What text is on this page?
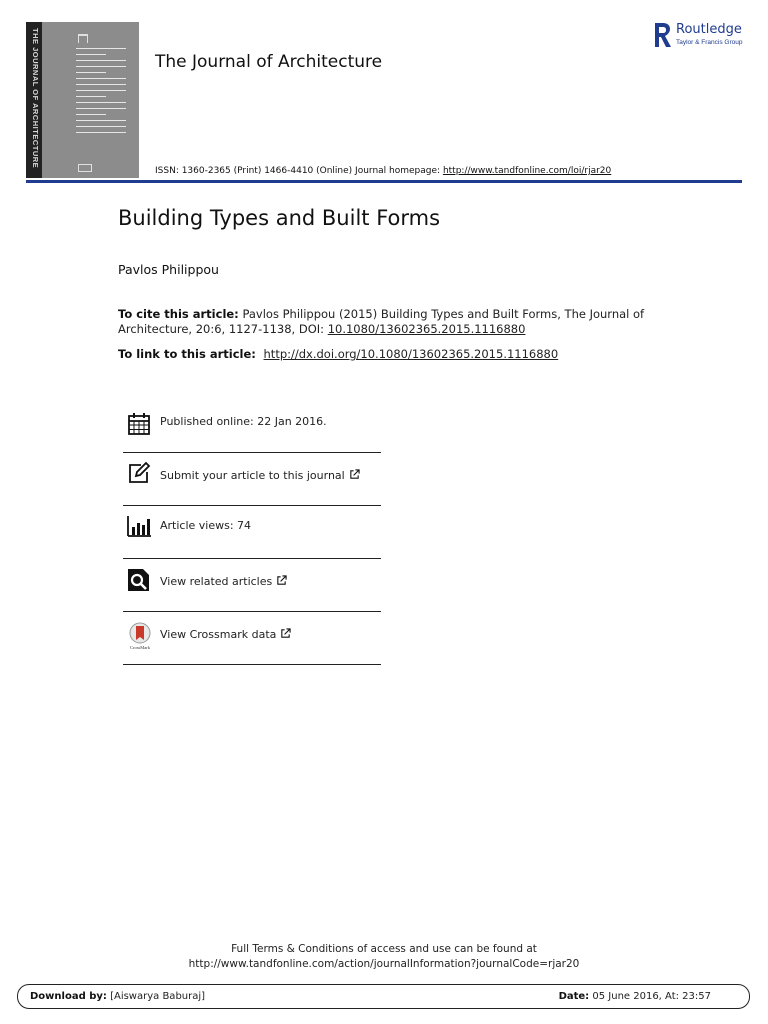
THE JOURNAL OF ARCHITECTURE	The Journal of Architecture
Routledge
Taylor & Francis Group
ISSN: 1360-2365 (Print) 1466-4410 (Online) Journal homepage: http://www.tandfonline.com/loi/rjar20
Building Types and Built Forms
Pavlos Philippou
To cite this article: Pavlos Philippou (2015) Building Types and Built Forms, The Journal of Architecture, 20:6, 1127-1138, DOI: 10.1080/13602365.2015.1116880
To link to this article: http://dx.doi.org/10.1080/13602365.2015.1116880
Published online: 22 Jan 2016.
Submit your article to this journal
Article views: 74
View related articles
CrossMark
View Crossmark data
Full Terms & Conditions of access and use can be found at
http://www.tandfonline.com/action/journalInformation?journalCode=rjar20
Download by: [Aiswarya Baburaj]	Date: 05 June 2016, At: 23:57
